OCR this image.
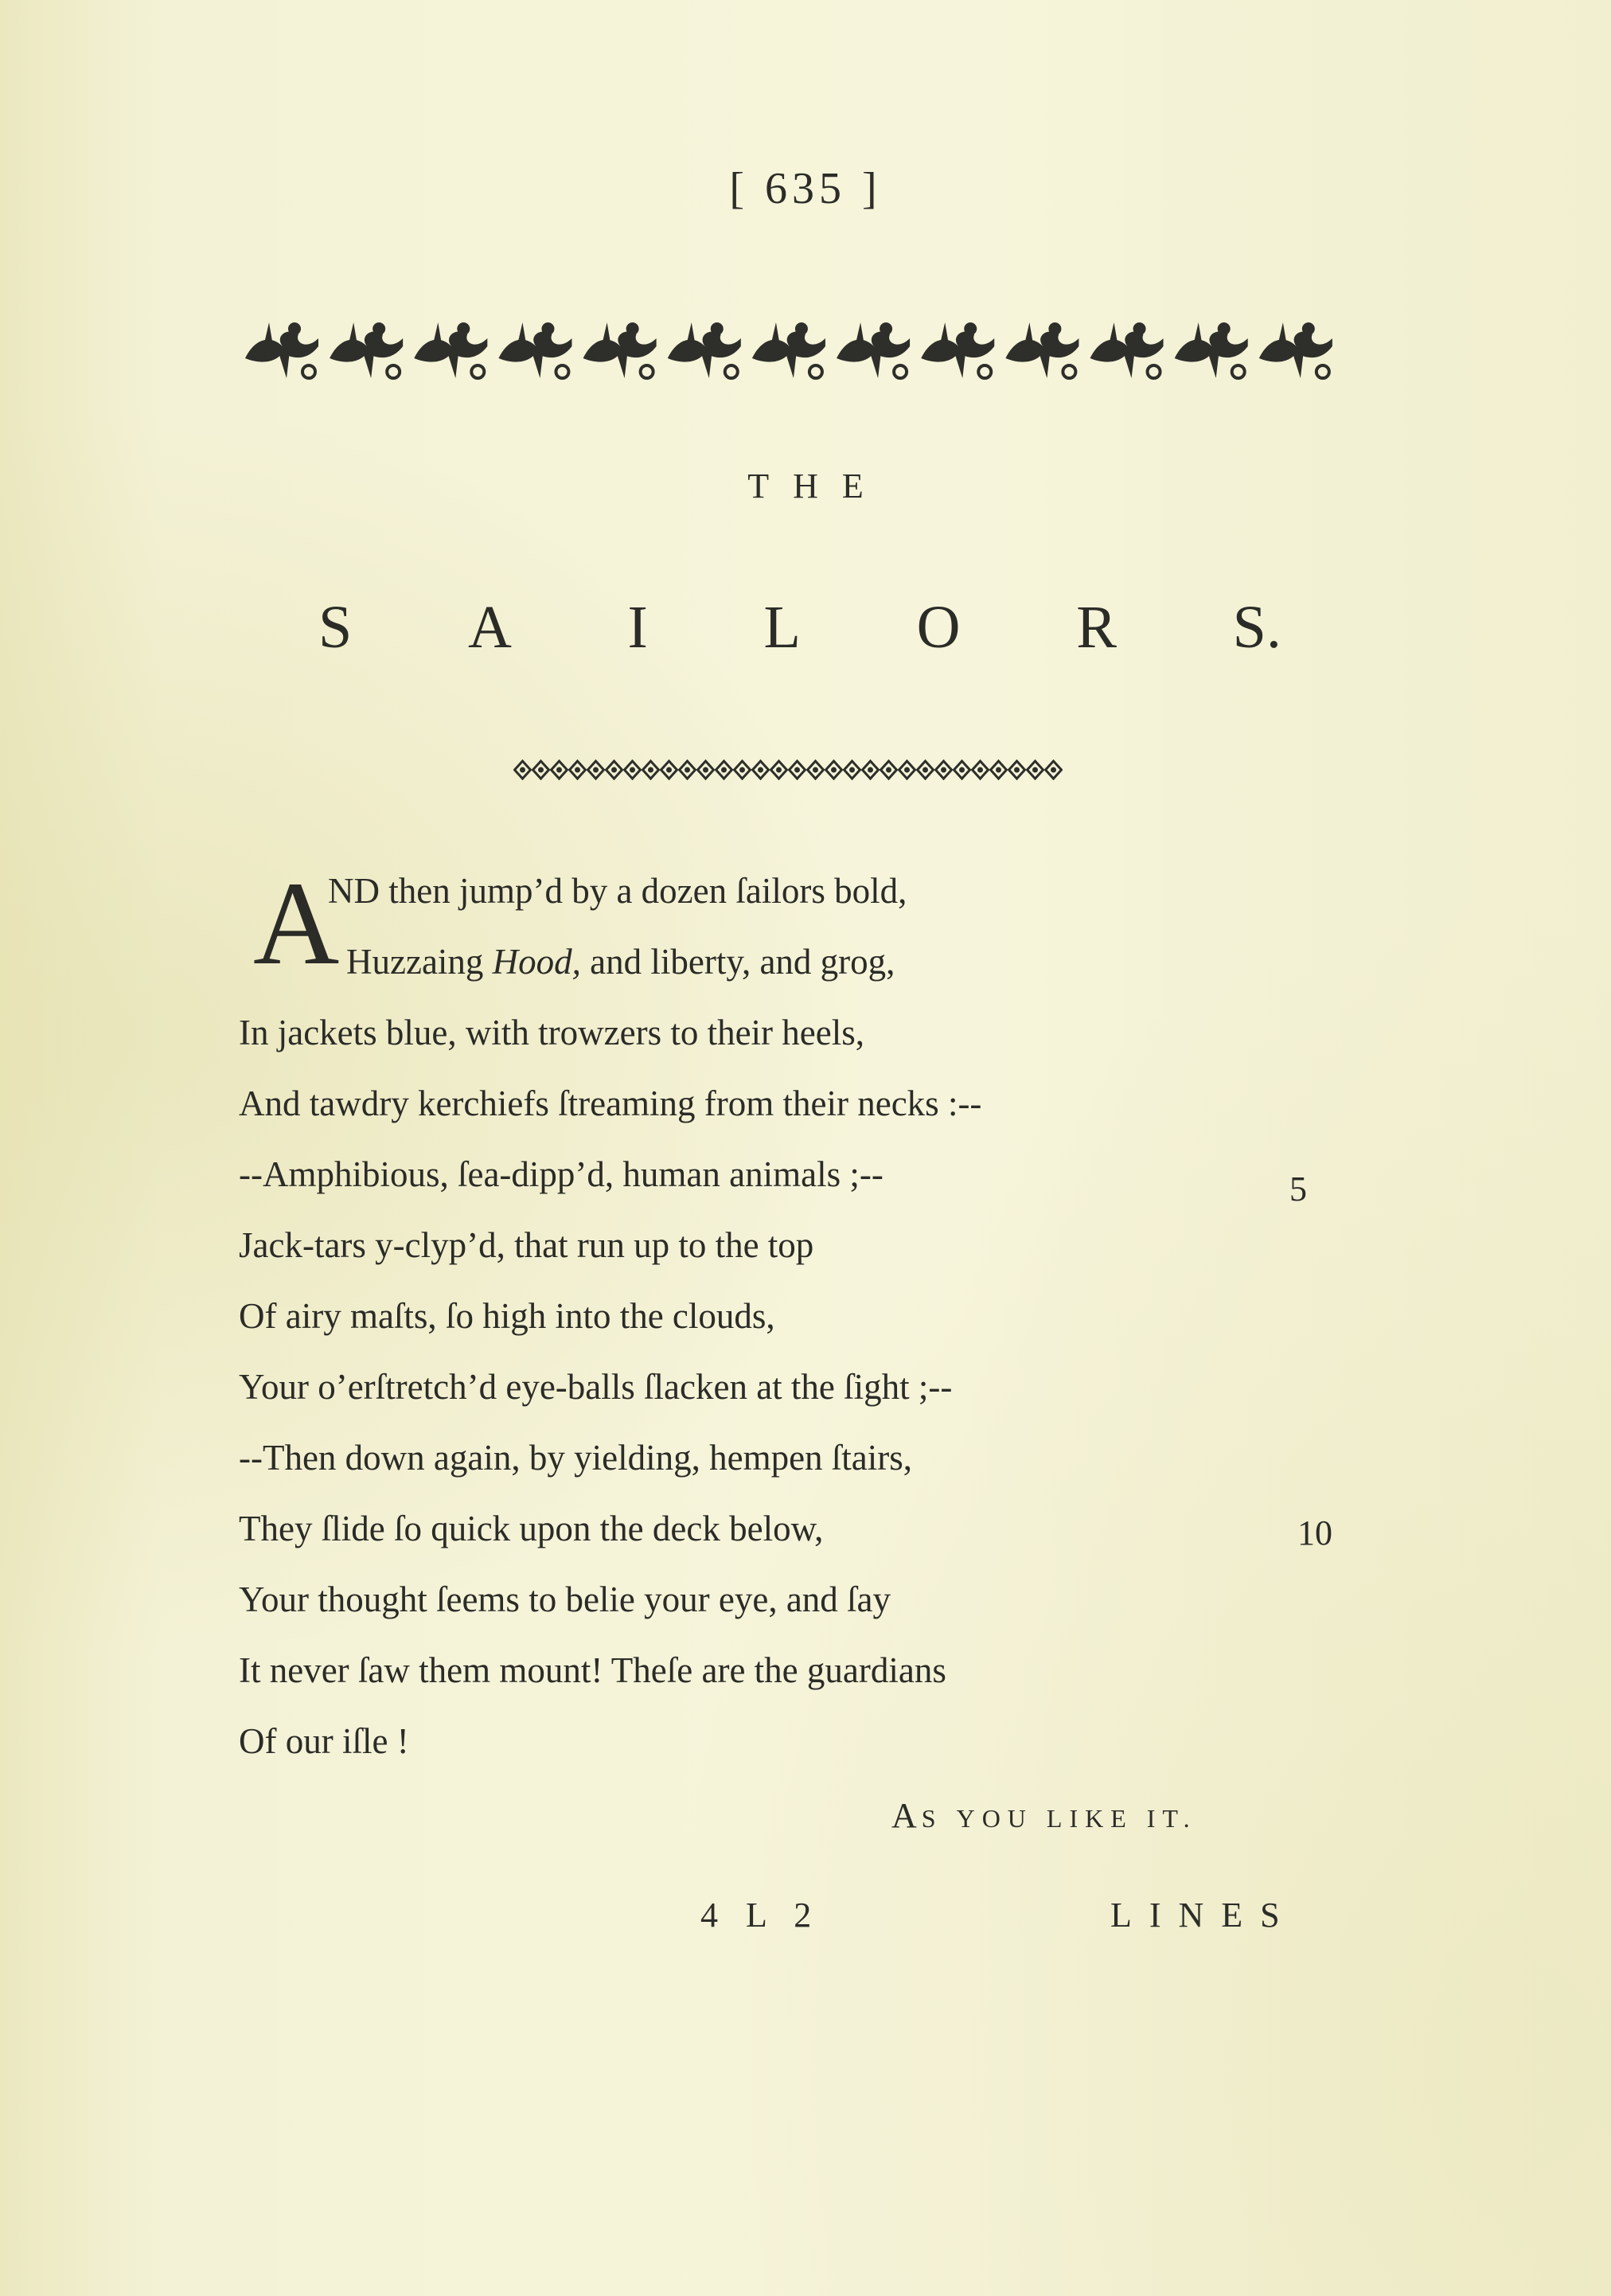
[ 635 ]
THE
S A I L O R S.
A
ND then jump’d by a dozen ſailors bold,
Huzzaing Hood, and liberty, and grog,
In jackets blue, with trowzers to their heels,
And tawdry kerchiefs ſtreaming from their necks :--
--Amphibious, ſea-dipp’d, human animals ;--	5
Jack-tars y-clyp’d, that run up to the top
Of airy maſts, ſo high into the clouds,
Your o’erſtretch’d eye-balls ſlacken at the ſight ;--
--Then down again, by yielding, hempen ſtairs,
They ſlide ſo quick upon the deck below,	10
Your thought ſeems to belie your eye, and ſay
It never ſaw them mount! Theſe are the guardians
Of our iſle !
AS YOU LIKE IT.
4 L 2	LINES
